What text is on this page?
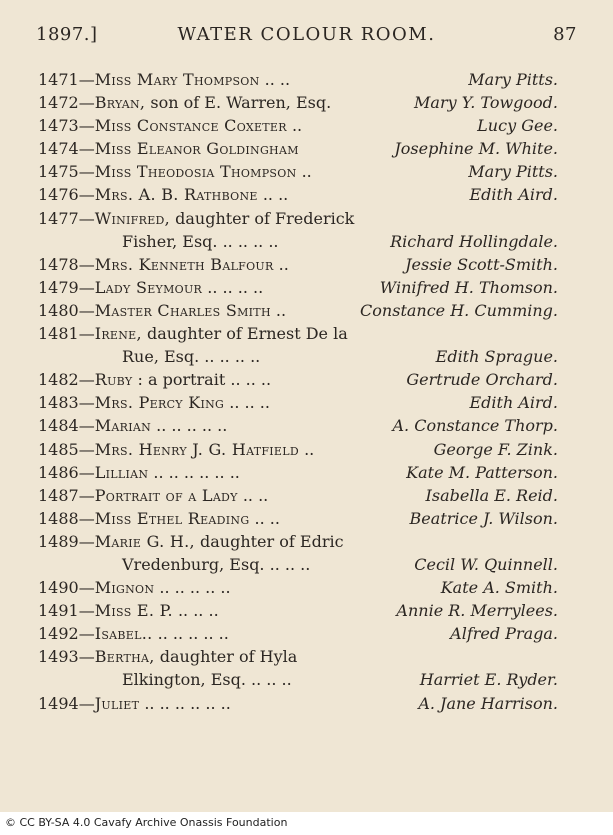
1897.]	WATER COLOUR ROOM.	87
1471—Miss Mary Thompson .. ..	Mary Pitts.
1472—Bryan, son of E. Warren, Esq.	Mary Y. Towgood.
1473—Miss Constance Coxeter ..	Lucy Gee.
1474—Miss Eleanor Goldingham	Josephine M. White.
1475—Miss Theodosia Thompson ..	Mary Pitts.
1476—Mrs. A. B. Rathbone .. ..	Edith Aird.
1477—Winifred, daughter of Frederick
Fisher, Esq. .. .. .. ..	Richard Hollingdale.
1478—Mrs. Kenneth Balfour ..	Jessie Scott-Smith.
1479—Lady Seymour .. .. .. ..	Winifred H. Thomson.
1480—Master Charles Smith ..	Constance H. Cumming.
1481—Irene, daughter of Ernest De la
Rue, Esq. .. .. .. ..	Edith Sprague.
1482—Ruby : a portrait .. .. ..	Gertrude Orchard.
1483—Mrs. Percy King .. .. ..	Edith Aird.
1484—Marian .. .. .. .. ..	A. Constance Thorp.
1485—Mrs. Henry J. G. Hatfield ..	George F. Zink.
1486—Lillian .. .. .. .. .. ..	Kate M. Patterson.
1487—Portrait of a Lady .. ..	Isabella E. Reid.
1488—Miss Ethel Reading .. ..	Beatrice J. Wilson.
1489—Marie G. H., daughter of Edric
Vredenburg, Esq. .. .. ..	Cecil W. Quinnell.
1490—Mignon .. .. .. .. ..	Kate A. Smith.
1491—Miss E. P. .. .. ..	Annie R. Merrylees.
1492—Isabel.. .. .. .. .. ..	Alfred Praga.
1493—Bertha, daughter of Hyla
Elkington, Esq. .. .. ..	Harriet E. Ryder.
1494—Juliet .. .. .. .. .. ..	A. Jane Harrison.
© CC BY-SA 4.0 Cavafy Archive Onassis Foundation
